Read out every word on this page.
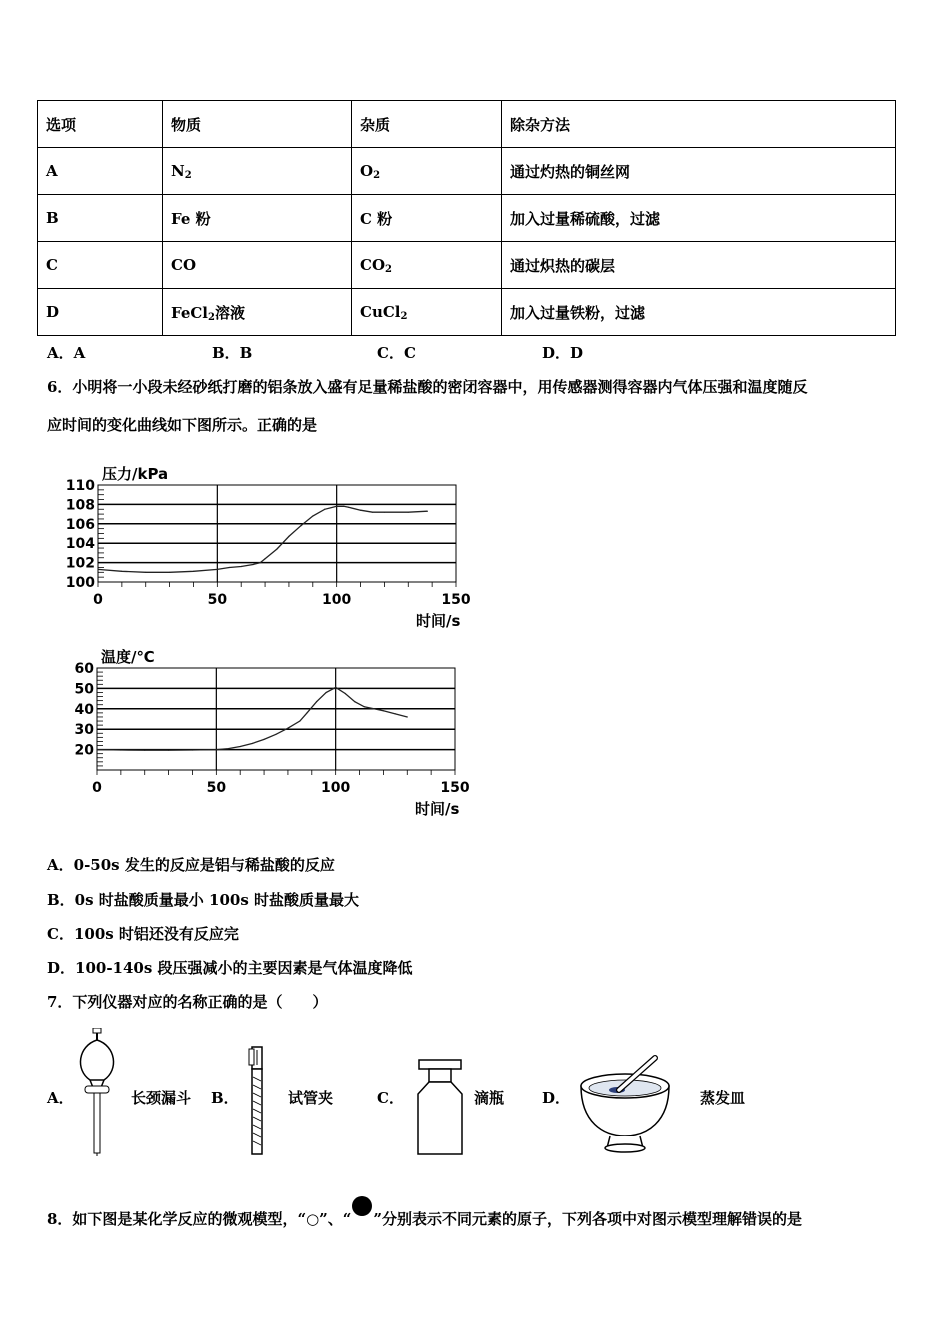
选项	物质	杂质	除杂方法
A	$N_2$	$O_2$	通过灼热的铜丝网
B	Fe 粉	C 粉	加入过量稀硫酸，过滤
C	CO	$CO_2$	通过炽热的碳层
D	FeCl$_2$溶液	CuCl$_2$	加入过量铁粉，过滤
A．A	B．B	C．C	D．D
6．小明将一小段未经砂纸打磨的铝条放入盛有足量稀盐酸的密闭容器中，用传感器测得容器内气体压强和温度随反
应时间的变化曲线如下图所示。正确的是
0	50	100	150
100
102
104
106
108
110
压力/kPa
时间/s
0	50	100	150
20
30
40
50
60
温度/℃
时间/s
A．0-50s 发生的反应是铝与稀盐酸的反应
B．0s 时盐酸质量最小 100s 时盐酸质量最大
C．100s 时铝还没有反应完
D．100-140s 段压强减小的主要因素是气体温度降低
7．下列仪器对应的名称正确的是（　　）
A．	长颈漏斗 B．	试管夹	C．	滴瓶	D．	蒸发皿
8．如下图是某化学反应的微观模型，“○”、“ ”分别表示不同元素的原子，下列各项中对图示模型理解错误的是
